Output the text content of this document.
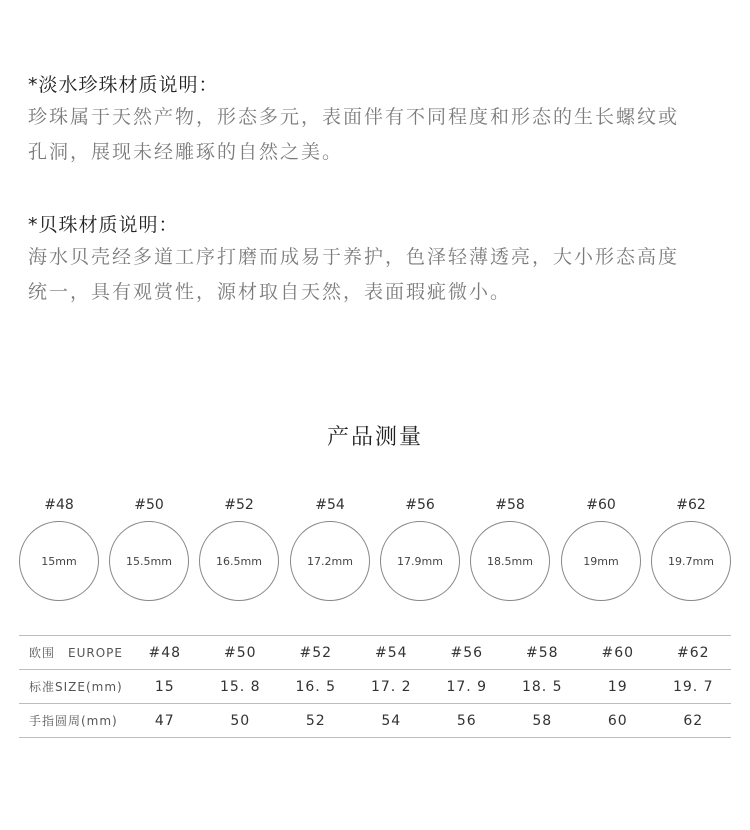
*淡水珍珠材质说明：
珍珠属于天然产物，形态多元，表面伴有不同程度和形态的生长螺纹或
孔洞，展现未经雕琢的自然之美。
*贝珠材质说明：
海水贝壳经多道工序打磨而成易于养护，色泽轻薄透亮，大小形态高度
统一，具有观赏性，源材取自天然，表面瑕疵微小。
产品测量
#48
15mm
#50
15.5mm
#52
16.5mm
#54
17.2mm
#56
17.9mm
#58
18.5mm
#60
19mm
#62
19.7mm
欧围　EUROPE	#48	#50	#52	#54	#56	#58	#60	#62
标准SIZE(mm)	15	15. 8	16. 5	17. 2	17. 9	18. 5	19	19. 7
手指圆周(mm)	47	50	52	54	56	58	60	62
